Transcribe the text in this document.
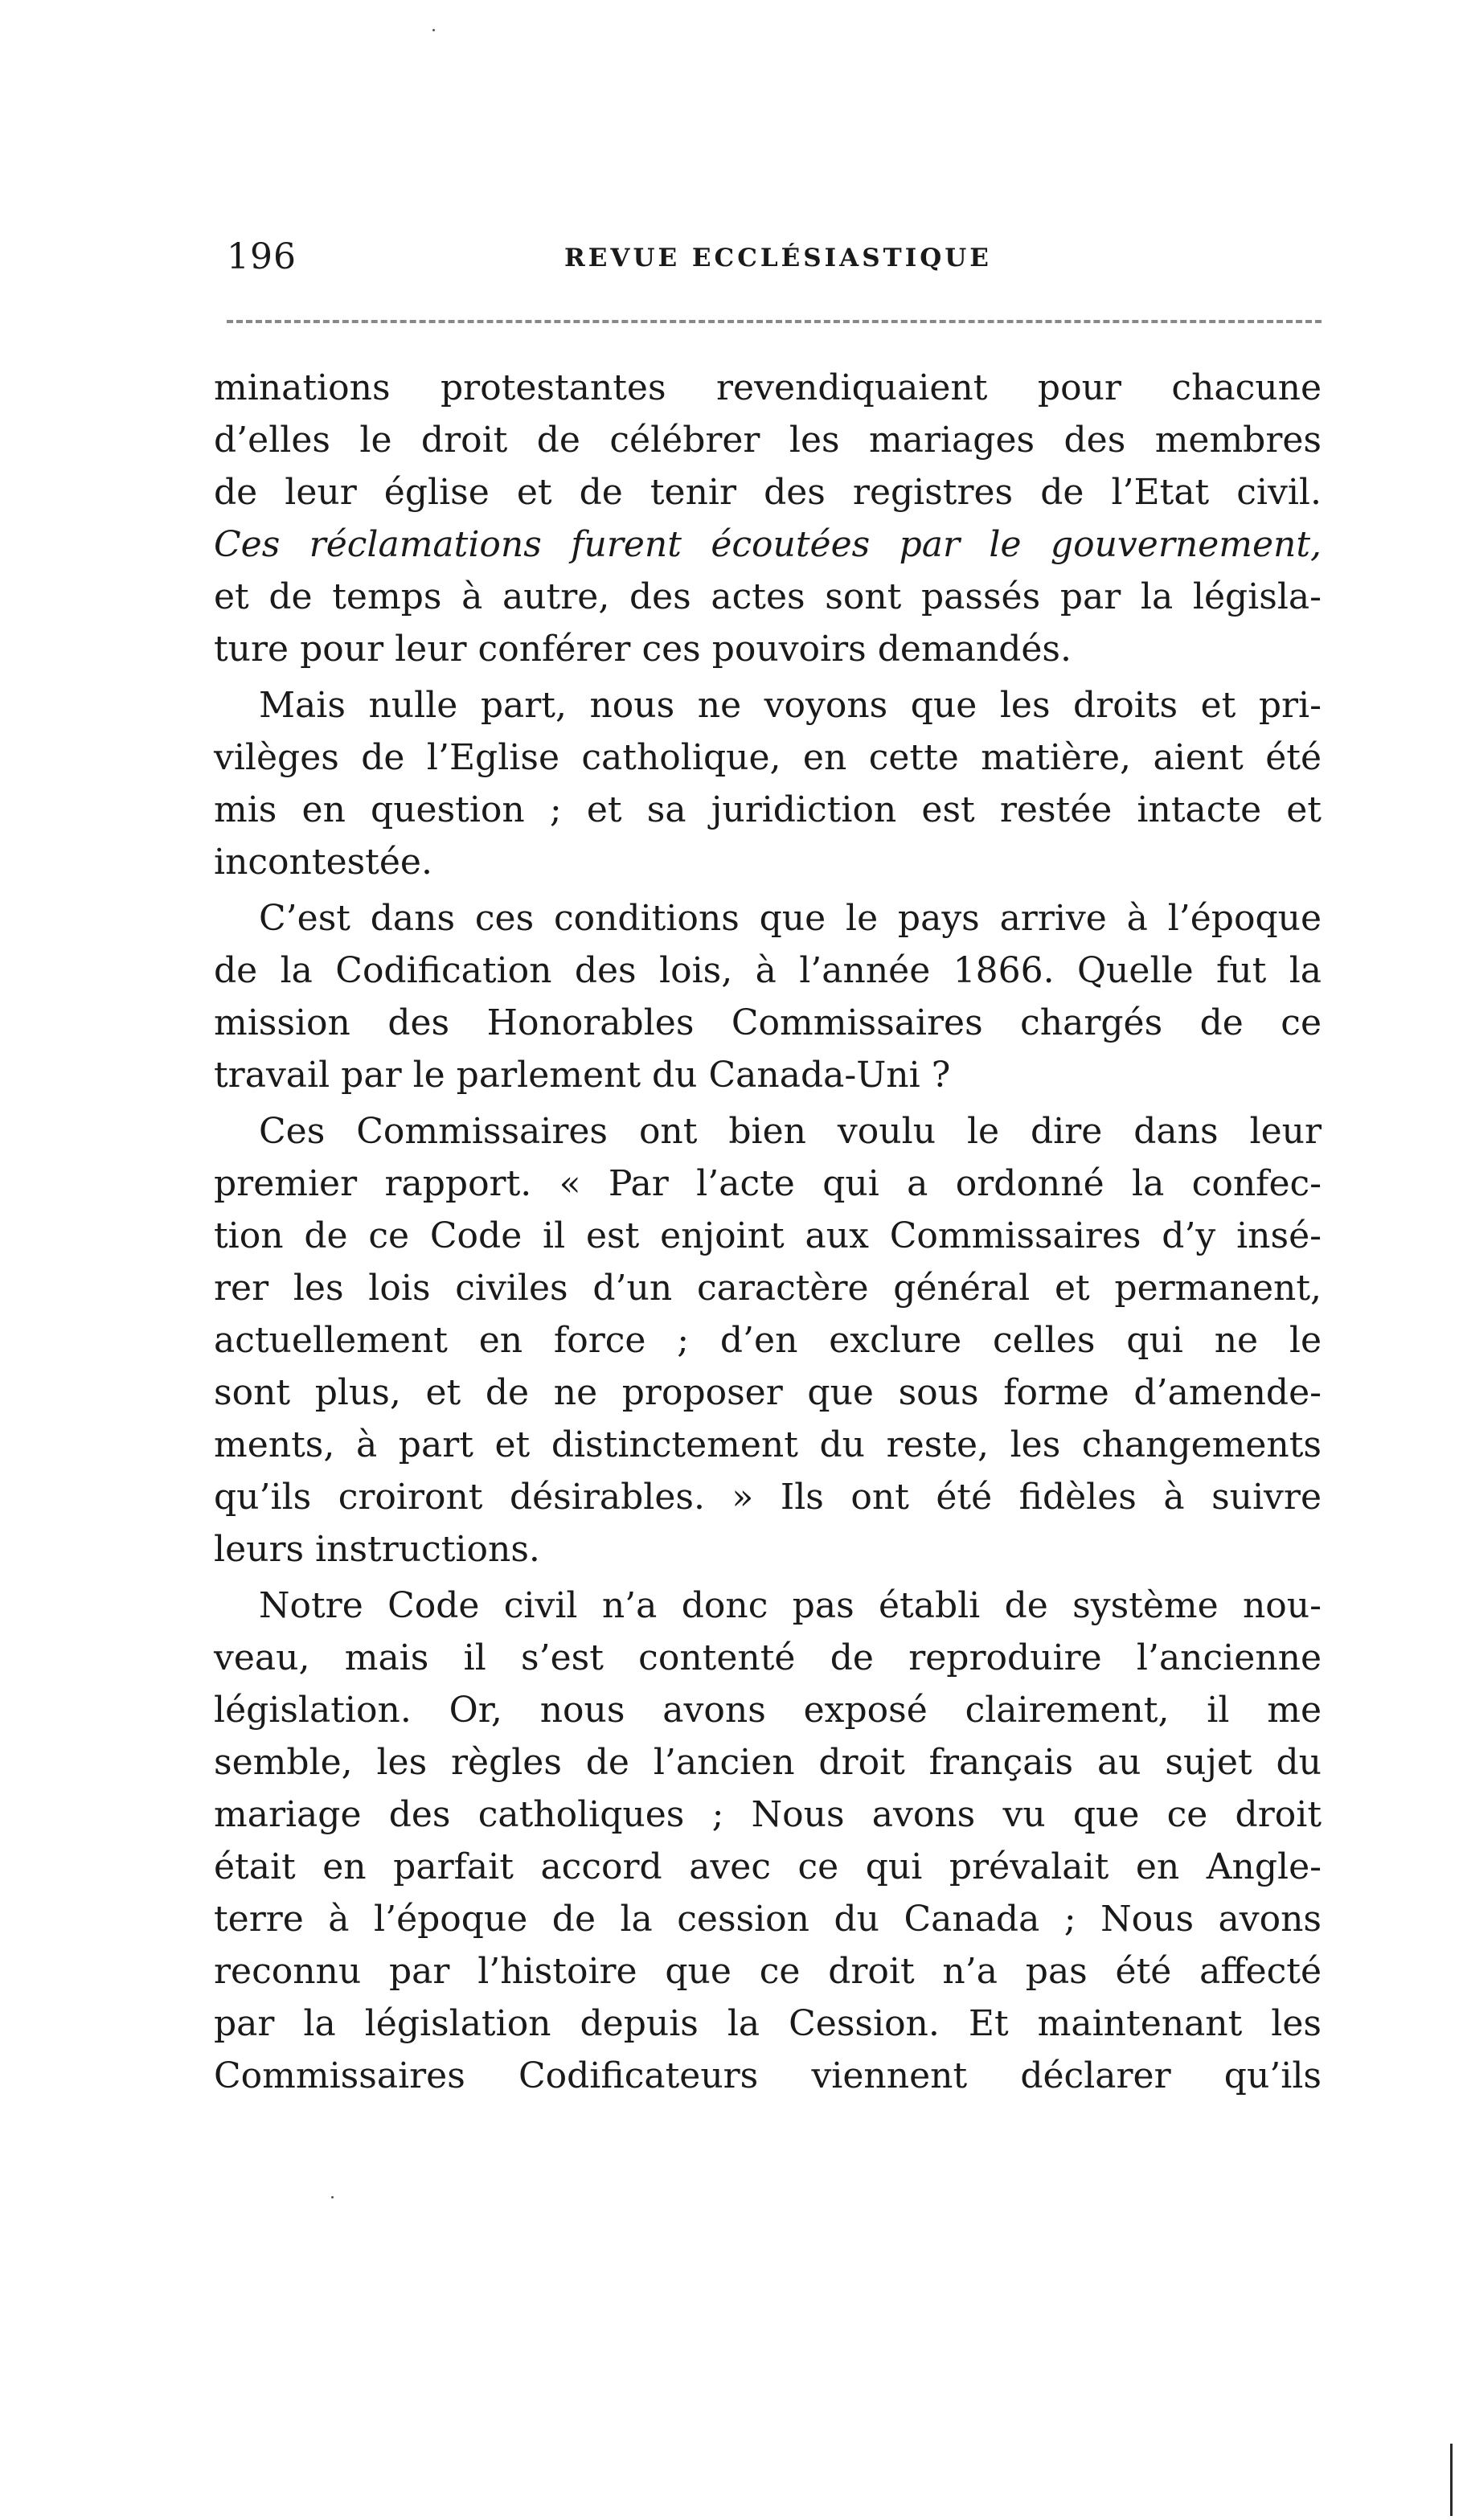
196	REVUE ECCLÉSIASTIQUE

minations protestantes revendiquaient pour chacune
d’elles le droit de célébrer les mariages des membres
de leur église et de tenir des registres de l’Etat civil.
Ces réclamations furent écoutées par le gouvernement,
et de temps à autre, des actes sont passés par la législa-
ture pour leur conférer ces pouvoirs demandés.

Mais nulle part, nous ne voyons que les droits et pri-
vilèges de l’Eglise catholique, en cette matière, aient été
mis en question ; et sa juridiction est restée intacte et
incontestée.

C’est dans ces conditions que le pays arrive à l’époque
de la Codification des lois, à l’année 1866. Quelle fut la
mission des Honorables Commissaires chargés de ce
travail par le parlement du Canada-Uni ?

Ces Commissaires ont bien voulu le dire dans leur
premier rapport. « Par l’acte qui a ordonné la confec-
tion de ce Code il est enjoint aux Commissaires d’y insé-
rer les lois civiles d’un caractère général et permanent,
actuellement en force ; d’en exclure celles qui ne le
sont plus, et de ne proposer que sous forme d’amende-
ments, à part et distinctement du reste, les changements
qu’ils croiront désirables. » Ils ont été fidèles à suivre
leurs instructions.

Notre Code civil n’a donc pas établi de système nou-
veau, mais il s’est contenté de reproduire l’ancienne
législation. Or, nous avons exposé clairement, il me
semble, les règles de l’ancien droit français au sujet du
mariage des catholiques ; Nous avons vu que ce droit
était en parfait accord avec ce qui prévalait en Angle-
terre à l’époque de la cession du Canada ; Nous avons
reconnu par l’histoire que ce droit n’a pas été affecté
par la législation depuis la Cession. Et maintenant les
Commissaires Codificateurs viennent déclarer qu’ils
